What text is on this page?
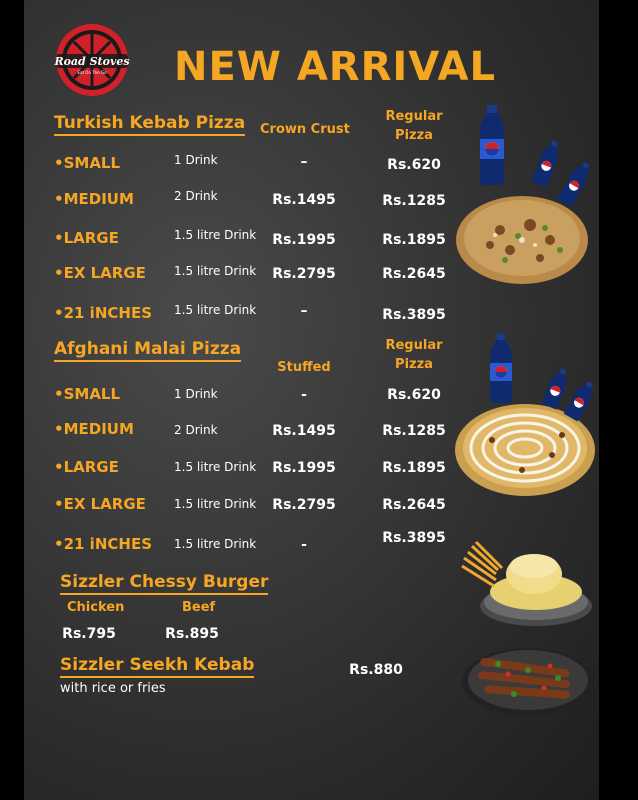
Road Stoves
Eat On The Go NEW ARRIVAL
Turkish Kebab Pizza Crown Crust
Regular
Pizza
•SMALL	1 Drink	–	Rs.620
•MEDIUM	2 Drink	Rs.1495	Rs.1285
•LARGE	1.5 litre Drink	Rs.1995	Rs.1895
•EX LARGE 1.5 litre Drink	Rs.2795	Rs.2645
•21 iNCHES 1.5 litre Drink	–	Rs.3895
Afghani Malai Pizza
Stuffed
Regular
Pizza
•SMALL	1 Drink	-	Rs.620
•MEDIUM	2 Drink	Rs.1495	Rs.1285
•LARGE	1.5 litre Drink	Rs.1995	Rs.1895
•EX LARGE 1.5 litre Drink	Rs.2795	Rs.2645
•21 iNCHES 1.5 litre Drink	-	Rs.3895
Sizzler Chessy Burger
Chicken	Beef
Rs.795	Rs.895
Sizzler Seekh Kebab
with rice or fries
Rs.880
